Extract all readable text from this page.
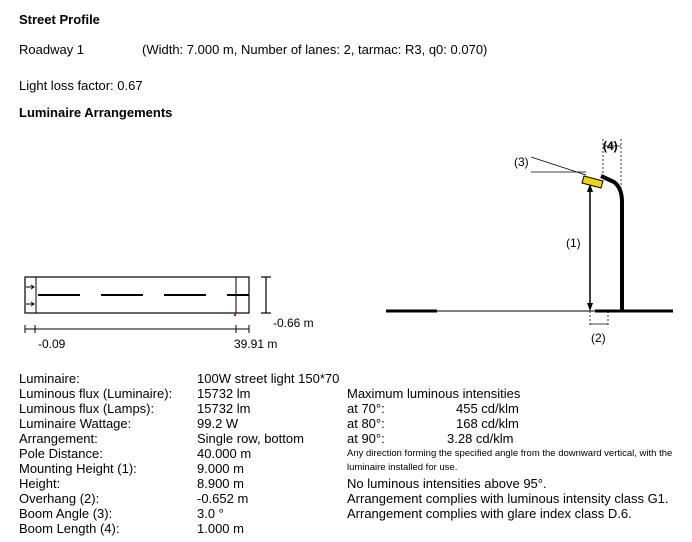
Street Profile
Roadway 1	(Width: 7.000 m, Number of lanes: 2, tarmac: R3, q0: 0.070)
Light loss factor: 0.67
Luminaire Arrangements
-0.09	39.91 m
-0.66 m
(3)
(1)
(4)
(2)
Luminaire:	100W street light 150*70
Luminous flux (Luminaire): 15732 lm
Luminous flux (Lamps):	15732 lm
Luminaire Wattage:	99.2 W
Arrangement:	Single row, bottom
Pole Distance:	40.000 m
Mounting Height (1):	9.000 m
Height:	8.900 m
Overhang (2):	-0.652 m
Boom Angle (3):	3.0 °
Boom Length (4):	1.000 m
Maximum luminous intensities
at 70°:	455 cd/klm
at 80°:	168 cd/klm
at 90°:	3.28 cd/klm
Any direction forming the specified angle from the downward vertical, with the
luminaire installed for use.
No luminous intensities above 95°.
Arrangement complies with luminous intensity class G1.
Arrangement complies with glare index class D.6.
